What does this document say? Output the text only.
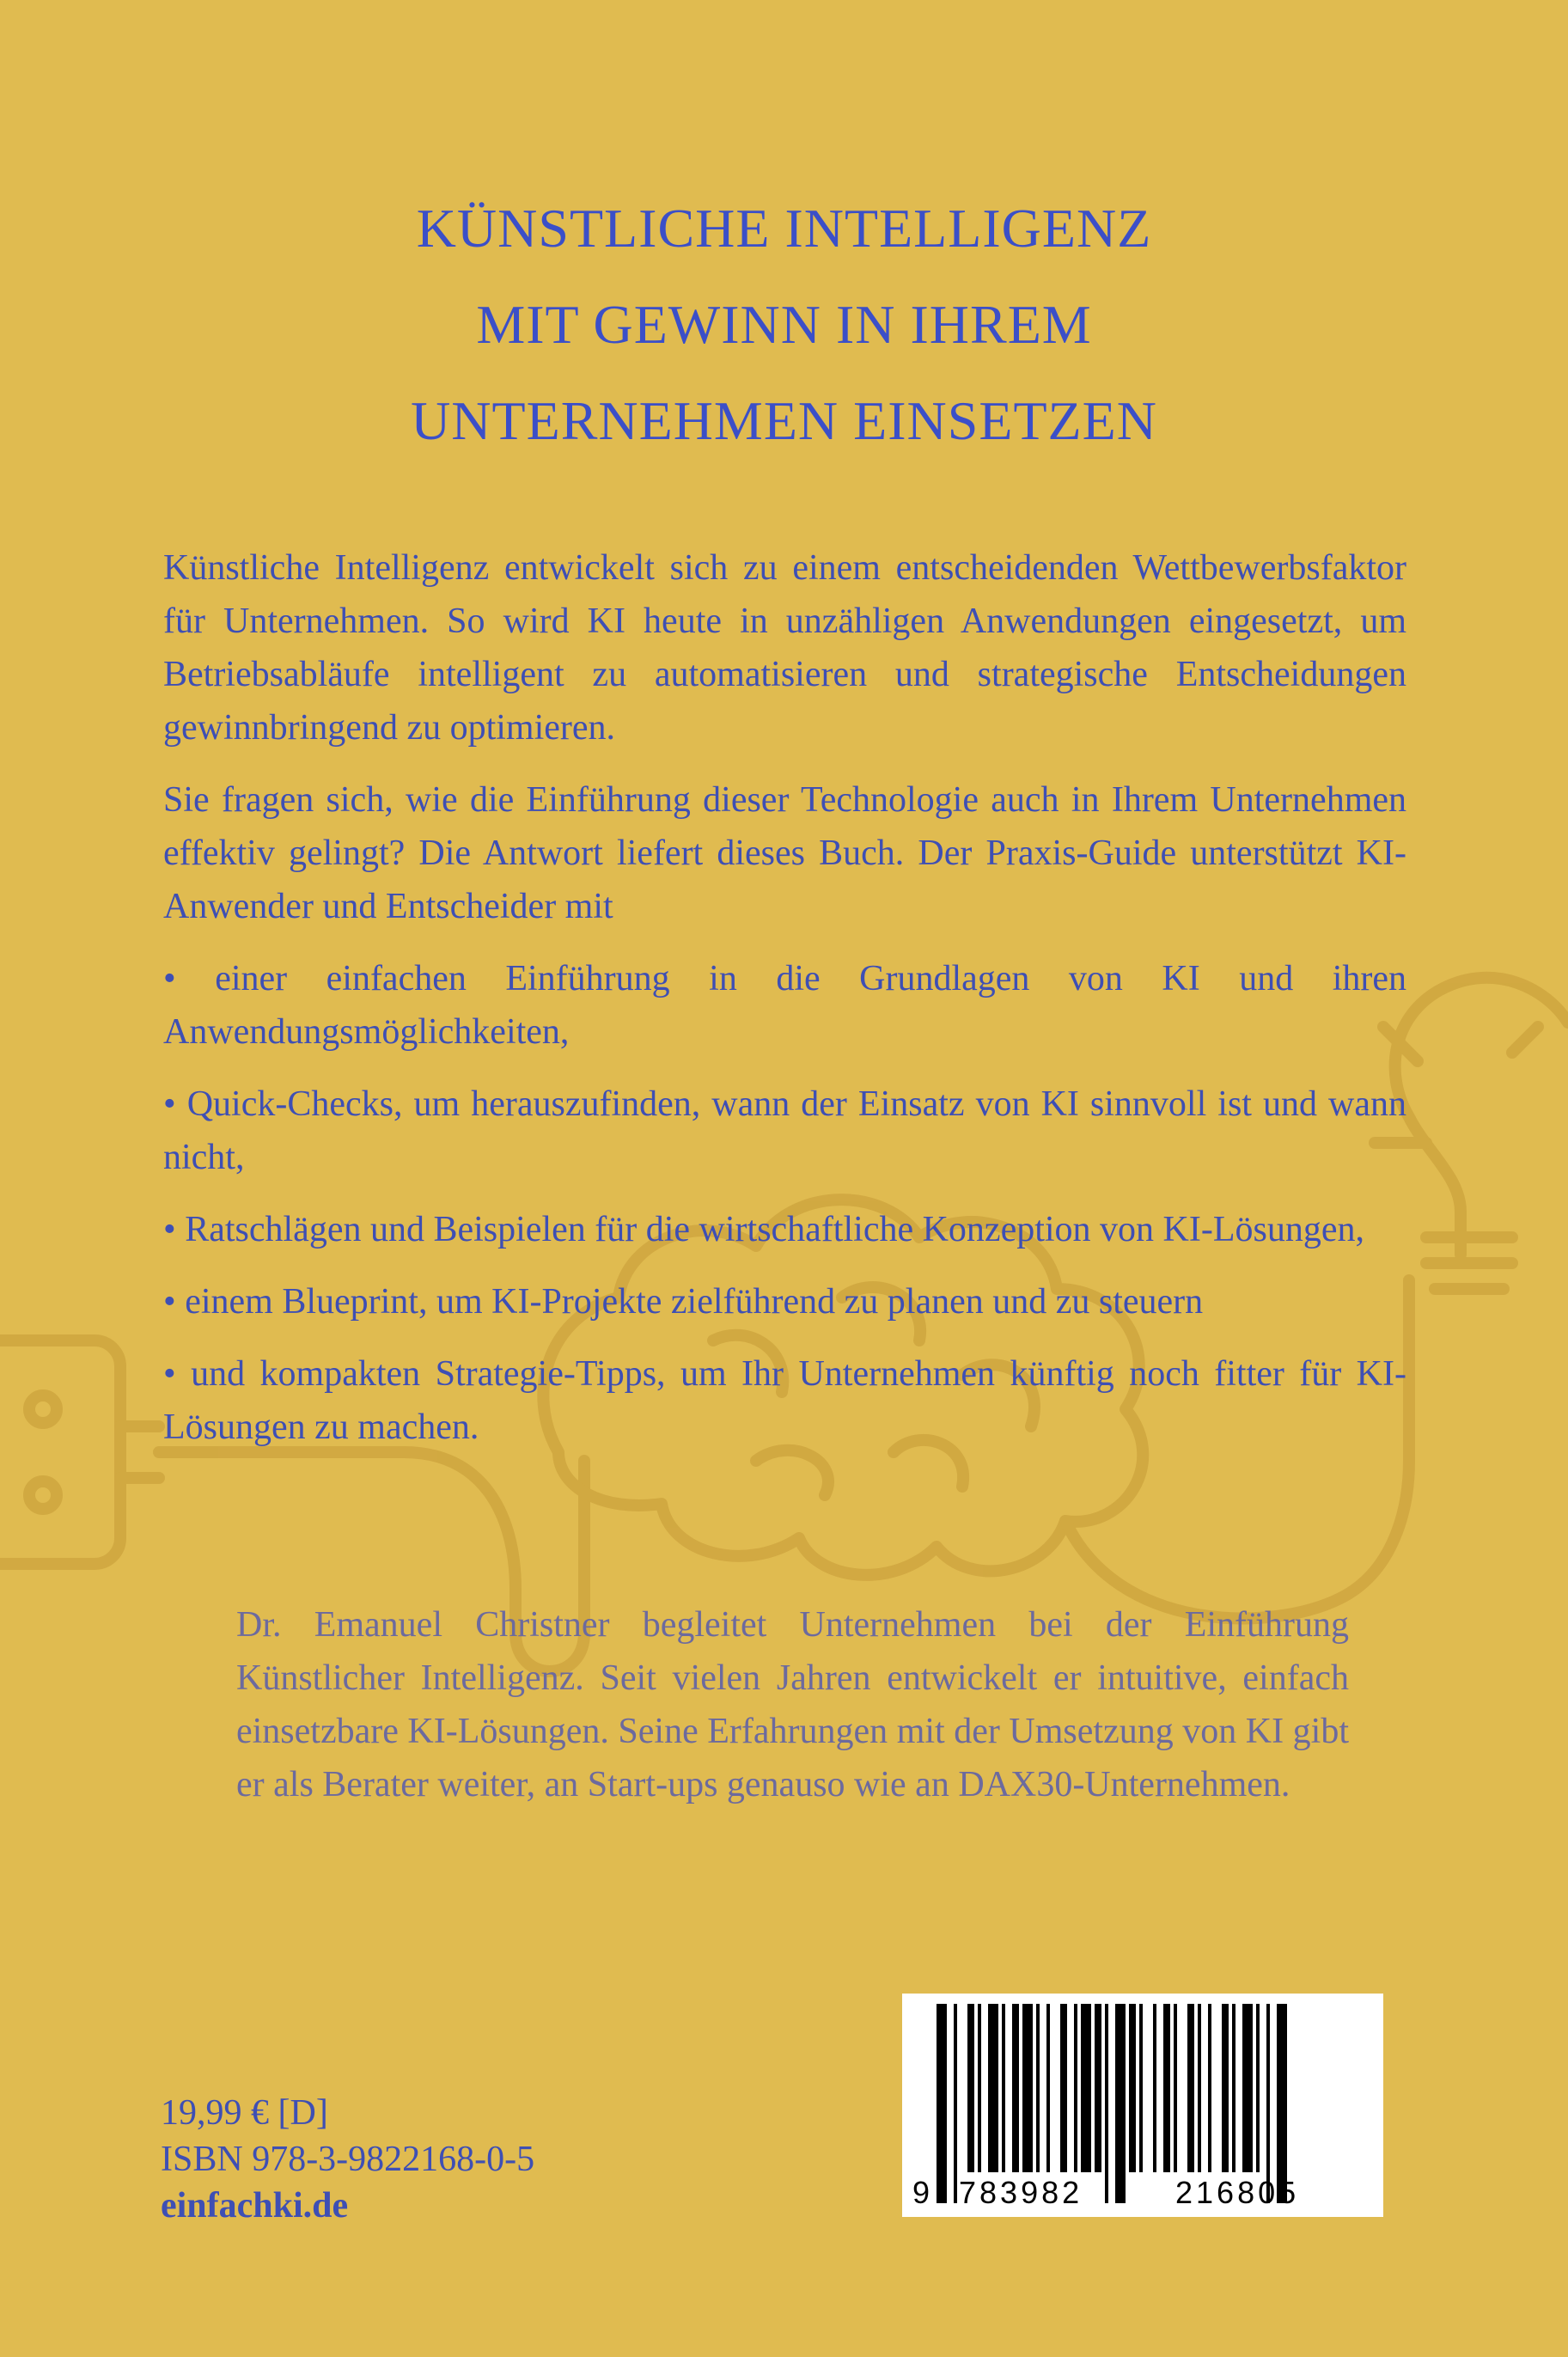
KÜNSTLICHE INTELLIGENZ
MIT GEWINN IN IHREM
UNTERNEHMEN EINSETZEN

Künstliche Intelligenz entwickelt sich zu einem entscheidenden Wettbewerbsfaktor für Unternehmen. So wird KI heute in unzähligen Anwendungen eingesetzt, um Betriebsabläufe intelligent zu automatisieren und strategische Entscheidungen gewinnbringend zu optimieren.

Sie fragen sich, wie die Einführung dieser Technologie auch in Ihrem Unternehmen effektiv gelingt? Die Antwort liefert dieses Buch. Der Praxis-Guide unterstützt KI-Anwender und Entscheider mit

• einer einfachen Einführung in die Grundlagen von KI und ihren Anwendungsmöglichkeiten,
• Quick-Checks, um herauszufinden, wann der Einsatz von KI sinnvoll ist und wann nicht,
• Ratschlägen und Beispielen für die wirtschaftliche Konzeption von KI-Lösungen,
• einem Blueprint, um KI-Projekte zielführend zu planen und zu steuern
• und kompakten Strategie-Tipps, um Ihr Unternehmen künftig noch fitter für KI-Lösungen zu machen.
Dr. Emanuel Christner begleitet Unternehmen bei der Einführung Künstlicher Intelligenz. Seit vielen Jahren entwickelt er intuitive, einfach einsetzbare KI-Lösungen. Seine Erfahrungen mit der Umsetzung von KI gibt er als Berater weiter, an Start-ups genauso wie an DAX30-Unternehmen.
19,99 € [D]
ISBN 978-3-9822168-0-5
einfachki.de	9 783982	216805
